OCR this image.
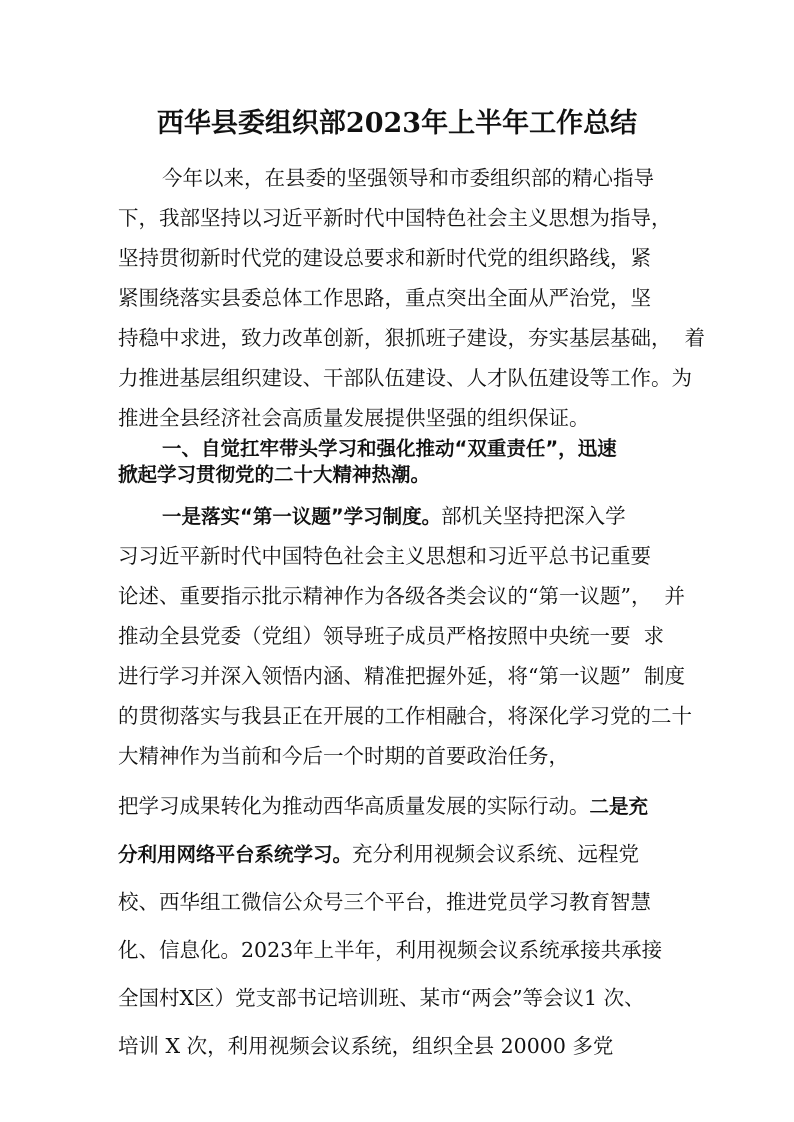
西华县委组织部2023年上半年工作总结
今年以来，在县委的坚强领导和市委组织部的精心指导
下，我部坚持以习近平新时代中国特色社会主义思想为指导，
坚持贯彻新时代党的建设总要求和新时代党的组织路线，紧
紧围绕落实县委总体工作思路，重点突出全面从严治党，坚
持稳中求进，致力改革创新，狠抓班子建设，夯实基层基础，  着
力推进基层组织建设、干部队伍建设、人才队伍建设等工作。为
推进全县经济社会高质量发展提供坚强的组织保证。
一、自觉扛牢带头学习和强化推动“双重责任”，迅速
掀起学习贯彻党的二十大精神热潮。
一是落实“第一议题”学习制度。部机关坚持把深入学
习习近平新时代中国特色社会主义思想和习近平总书记重要
论述、重要指示批示精神作为各级各类会议的“第一议题”，  并
推动全县党委（党组）领导班子成员严格按照中央统一要  求
进行学习并深入领悟内涵、精准把握外延，将“第一议题”  制度
的贯彻落实与我县正在开展的工作相融合，将深化学习党的二十
大精神作为当前和今后一个时期的首要政治任务，
把学习成果转化为推动西华高质量发展的实际行动。二是充
分利用网络平台系统学习。充分利用视频会议系统、远程党
校、西华组工微信公众号三个平台，推进党员学习教育智慧
化、信息化。2023年上半年，利用视频会议系统承接共承接
全国村X区）党支部书记培训班、某市“两会”等会议1 次、
培训 X 次，利用视频会议系统，组织全县 20000 多党
